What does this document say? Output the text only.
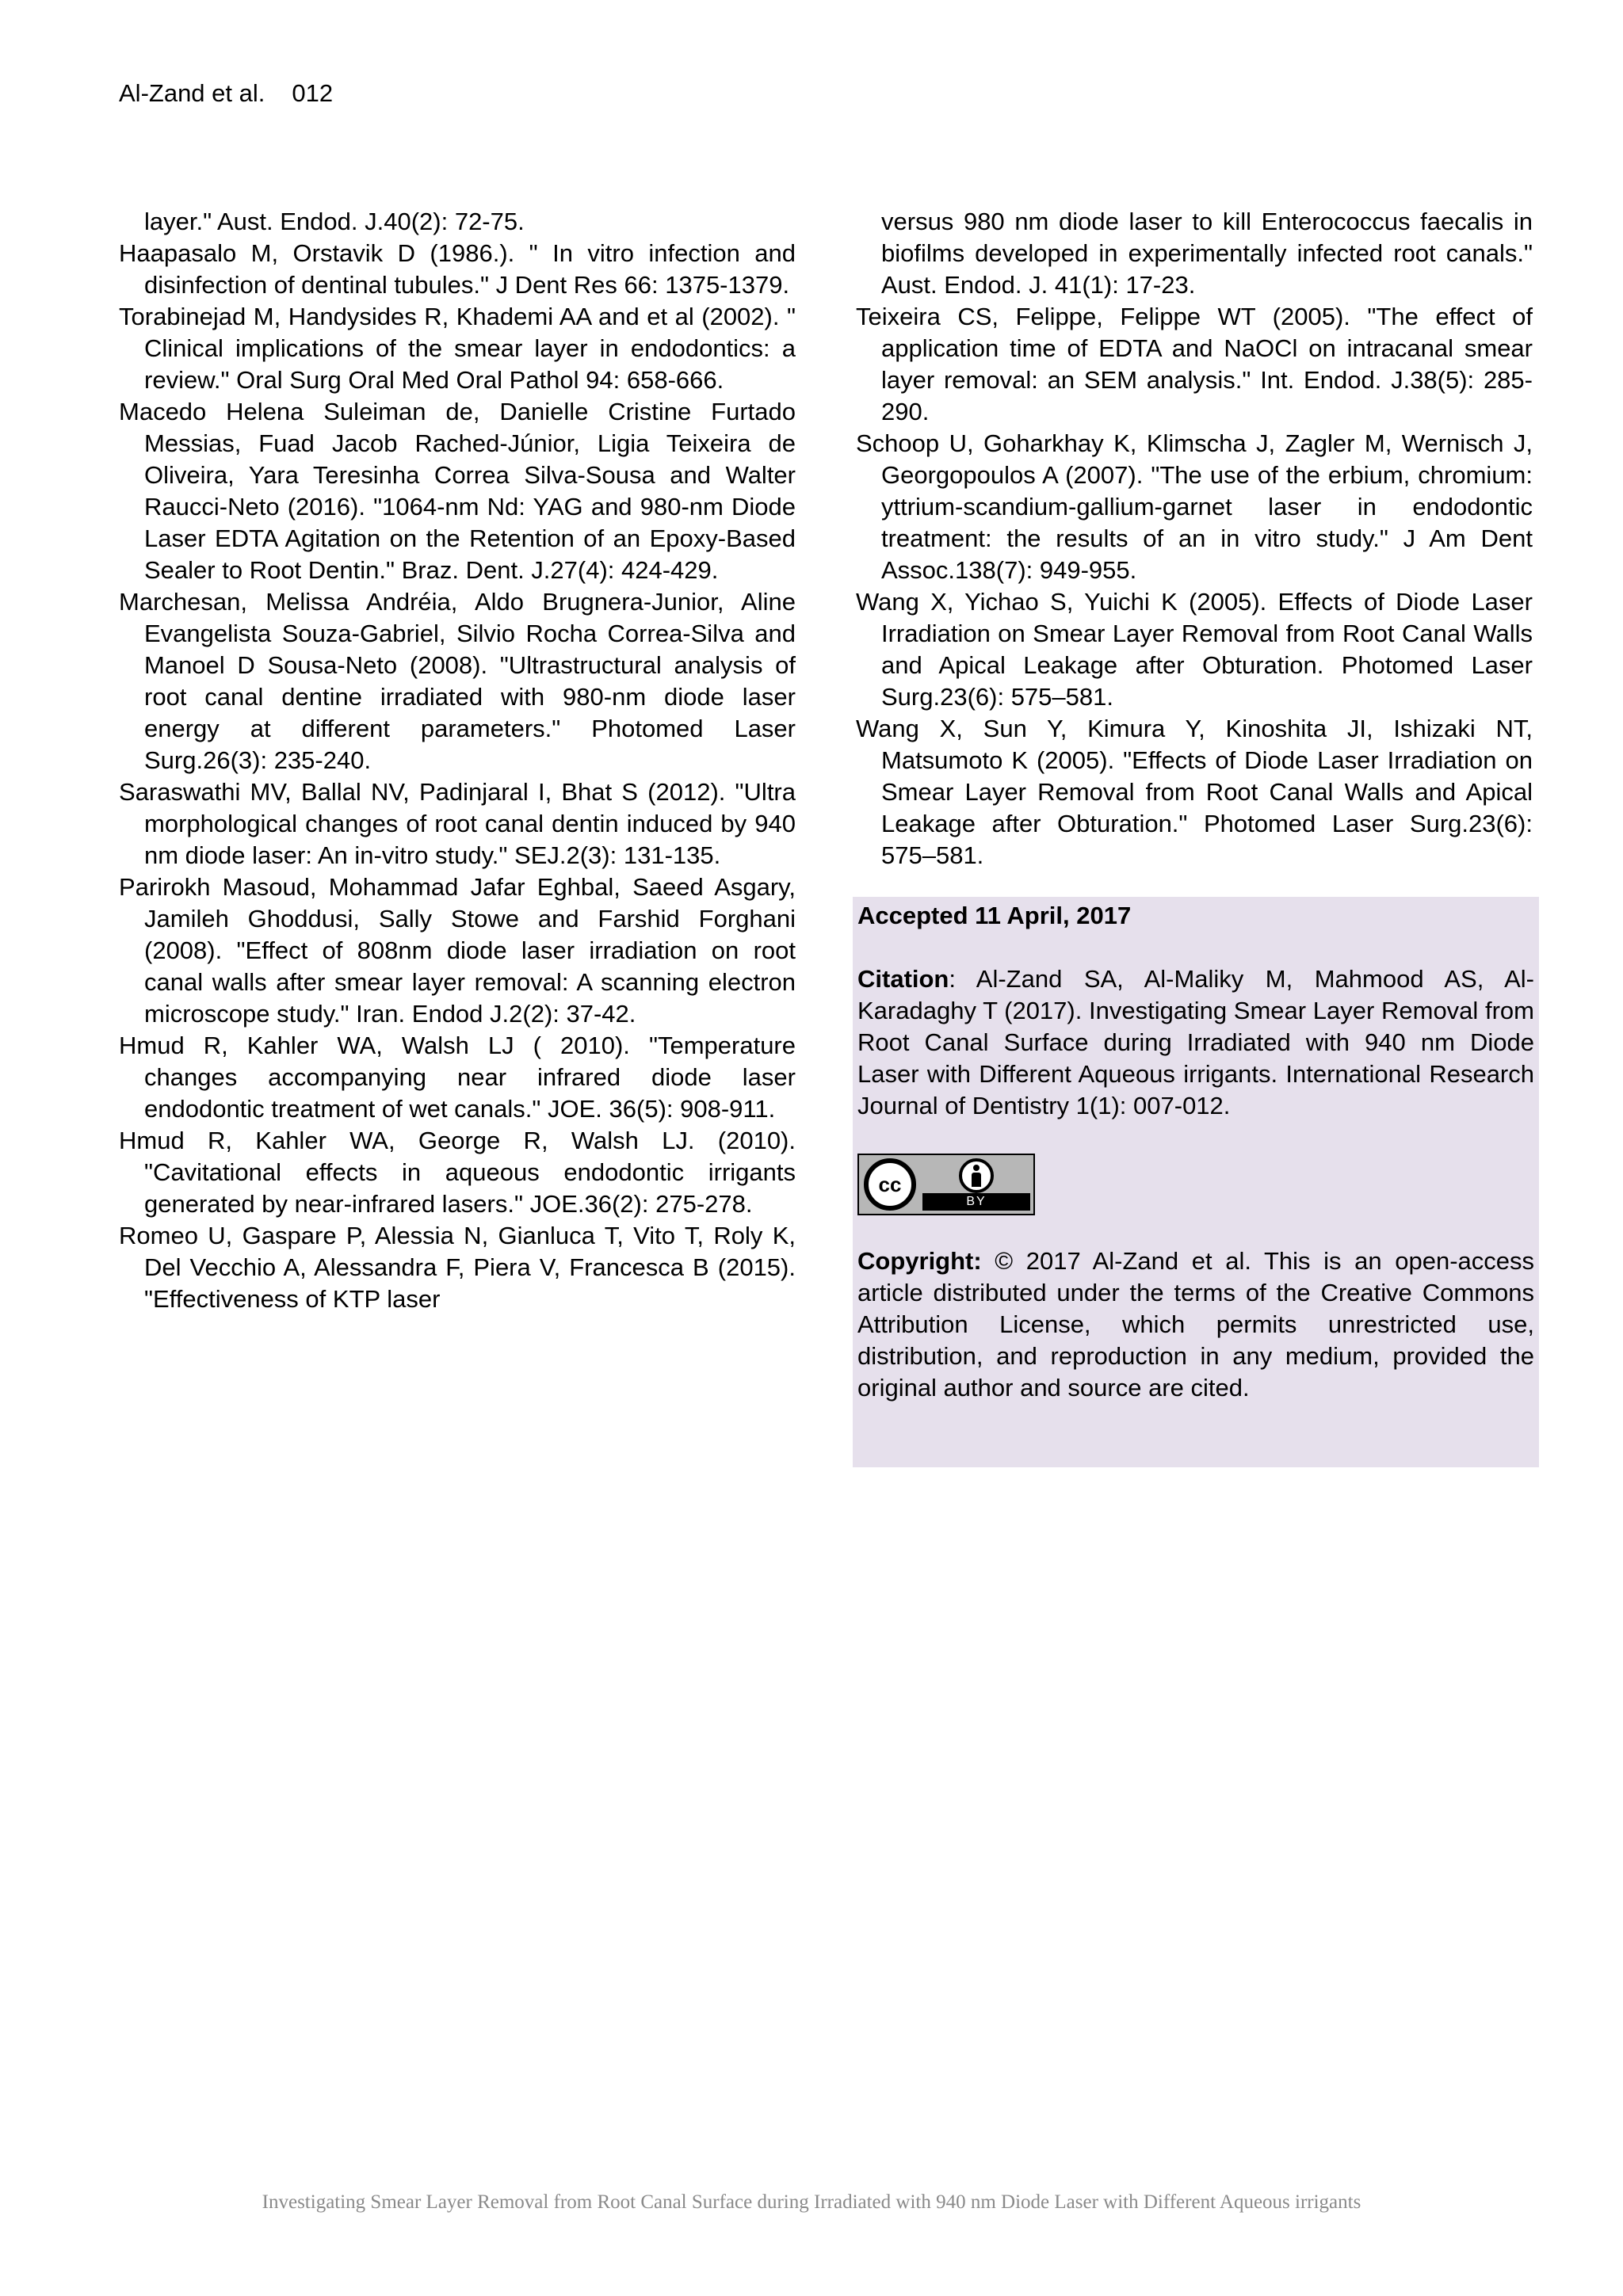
Al-Zand et al. 012

layer." Aust. Endod. J.40(2): 72-75.

Haapasalo M, Orstavik D (1986.). " In vitro infection and disinfection of dentinal tubules." J Dent Res 66: 1375-1379.

Torabinejad M, Handysides R, Khademi AA and et al (2002). " Clinical implications of the smear layer in endodontics: a review." Oral Surg Oral Med Oral Pathol 94: 658-666.

Macedo Helena Suleiman de, Danielle Cristine Furtado Messias, Fuad Jacob Rached-Júnior, Ligia Teixeira de Oliveira, Yara Teresinha Correa Silva-Sousa and Walter Raucci-Neto (2016). "1064-nm Nd: YAG and 980-nm Diode Laser EDTA Agitation on the Retention of an Epoxy-Based Sealer to Root Dentin." Braz. Dent. J.27(4): 424-429.

Marchesan, Melissa Andréia, Aldo Brugnera-Junior, Aline Evangelista Souza-Gabriel, Silvio Rocha Correa-Silva and Manoel D Sousa-Neto (2008). "Ultrastructural analysis of root canal dentine irradiated with 980-nm diode laser energy at different parameters." Photomed Laser Surg.26(3): 235-240.

Saraswathi MV, Ballal NV, Padinjaral I, Bhat S (2012). "Ultra morphological changes of root canal dentin induced by 940 nm diode laser: An in-vitro study." SEJ.2(3): 131-135.

Parirokh Masoud, Mohammad Jafar Eghbal, Saeed Asgary, Jamileh Ghoddusi, Sally Stowe and Farshid Forghani (2008). "Effect of 808nm diode laser irradiation on root canal walls after smear layer removal: A scanning electron microscope study." Iran. Endod J.2(2): 37-42.

Hmud R, Kahler WA, Walsh LJ ( 2010). "Temperature changes accompanying near infrared diode laser endodontic treatment of wet canals." JOE. 36(5): 908-911.

Hmud R, Kahler WA, George R, Walsh LJ. (2010). "Cavitational effects in aqueous endodontic irrigants generated by near-infrared lasers." JOE.36(2): 275-278.

Romeo U, Gaspare P, Alessia N, Gianluca T, Vito T, Roly K, Del Vecchio A, Alessandra F, Piera V, Francesca B (2015). "Effectiveness of KTP laser

versus 980 nm diode laser to kill Enterococcus faecalis in biofilms developed in experimentally infected root canals." Aust. Endod. J. 41(1): 17-23.

Teixeira CS, Felippe, Felippe WT (2005). "The effect of application time of EDTA and NaOCl on intracanal smear layer removal: an SEM analysis." Int. Endod. J.38(5): 285-290.

Schoop U, Goharkhay K, Klimscha J, Zagler M, Wernisch J, Georgopoulos A (2007). "The use of the erbium, chromium: yttrium-scandium-gallium-garnet laser in endodontic treatment: the results of an in vitro study." J Am Dent Assoc.138(7): 949-955.

Wang X, Yichao S, Yuichi K (2005). Effects of Diode Laser Irradiation on Smear Layer Removal from Root Canal Walls and Apical Leakage after Obturation. Photomed Laser Surg.23(6): 575–581.

Wang X, Sun Y, Kimura Y, Kinoshita JI, Ishizaki NT, Matsumoto K (2005). "Effects of Diode Laser Irradiation on Smear Layer Removal from Root Canal Walls and Apical Leakage after Obturation." Photomed Laser Surg.23(6): 575–581.

Accepted 11 April, 2017

Citation: Al-Zand SA, Al-Maliky M, Mahmood AS, Al-Karadaghy T (2017). Investigating Smear Layer Removal from Root Canal Surface during Irradiated with 940 nm Diode Laser with Different Aqueous irrigants. International Research Journal of Dentistry 1(1): 007-012.

cc
BY

Copyright: © 2017 Al-Zand et al. This is an open-access article distributed under the terms of the Creative Commons Attribution License, which permits unrestricted use, distribution, and reproduction in any medium, provided the original author and source are cited.

Investigating Smear Layer Removal from Root Canal Surface during Irradiated with 940 nm Diode Laser with Different Aqueous irrigants
